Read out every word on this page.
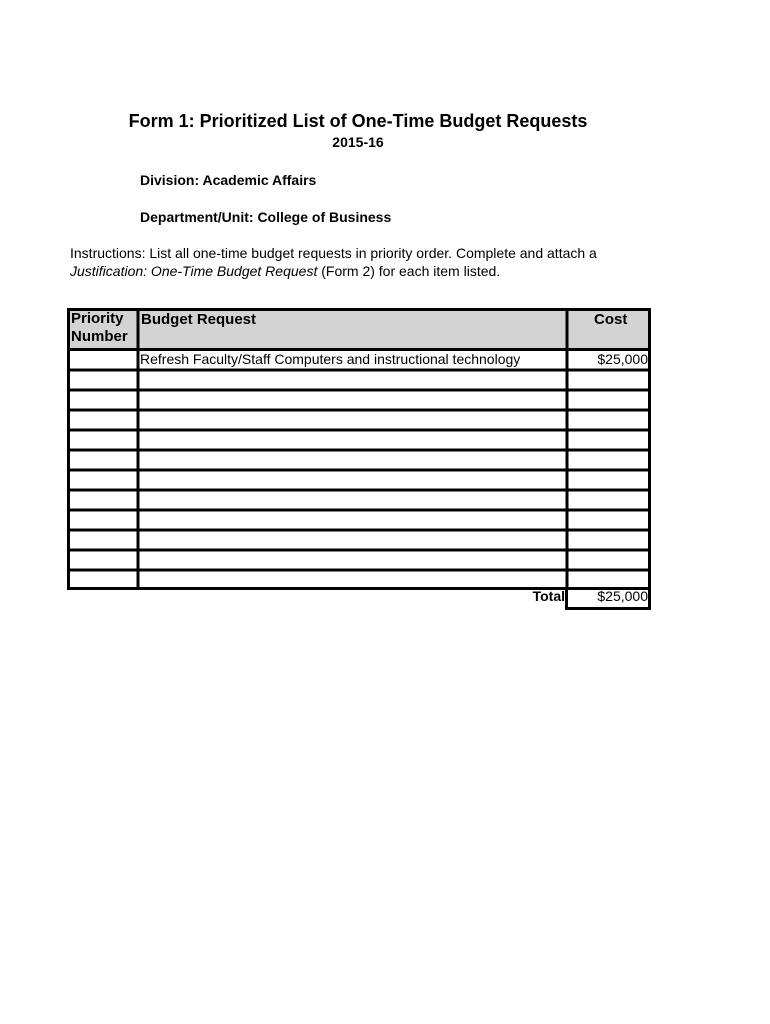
Form 1: Prioritized List of One-Time Budget Requests
2015-16
Division: Academic Affairs
Department/Unit: College of Business
Instructions: List all one-time budget requests in priority order. Complete and attach a
Justification: One-Time Budget Request (Form 2) for each item listed.
Priority
Number
Budget Request	Cost
Refresh Faculty/Staff Computers and instructional technology	$25,000
Total	$25,000
